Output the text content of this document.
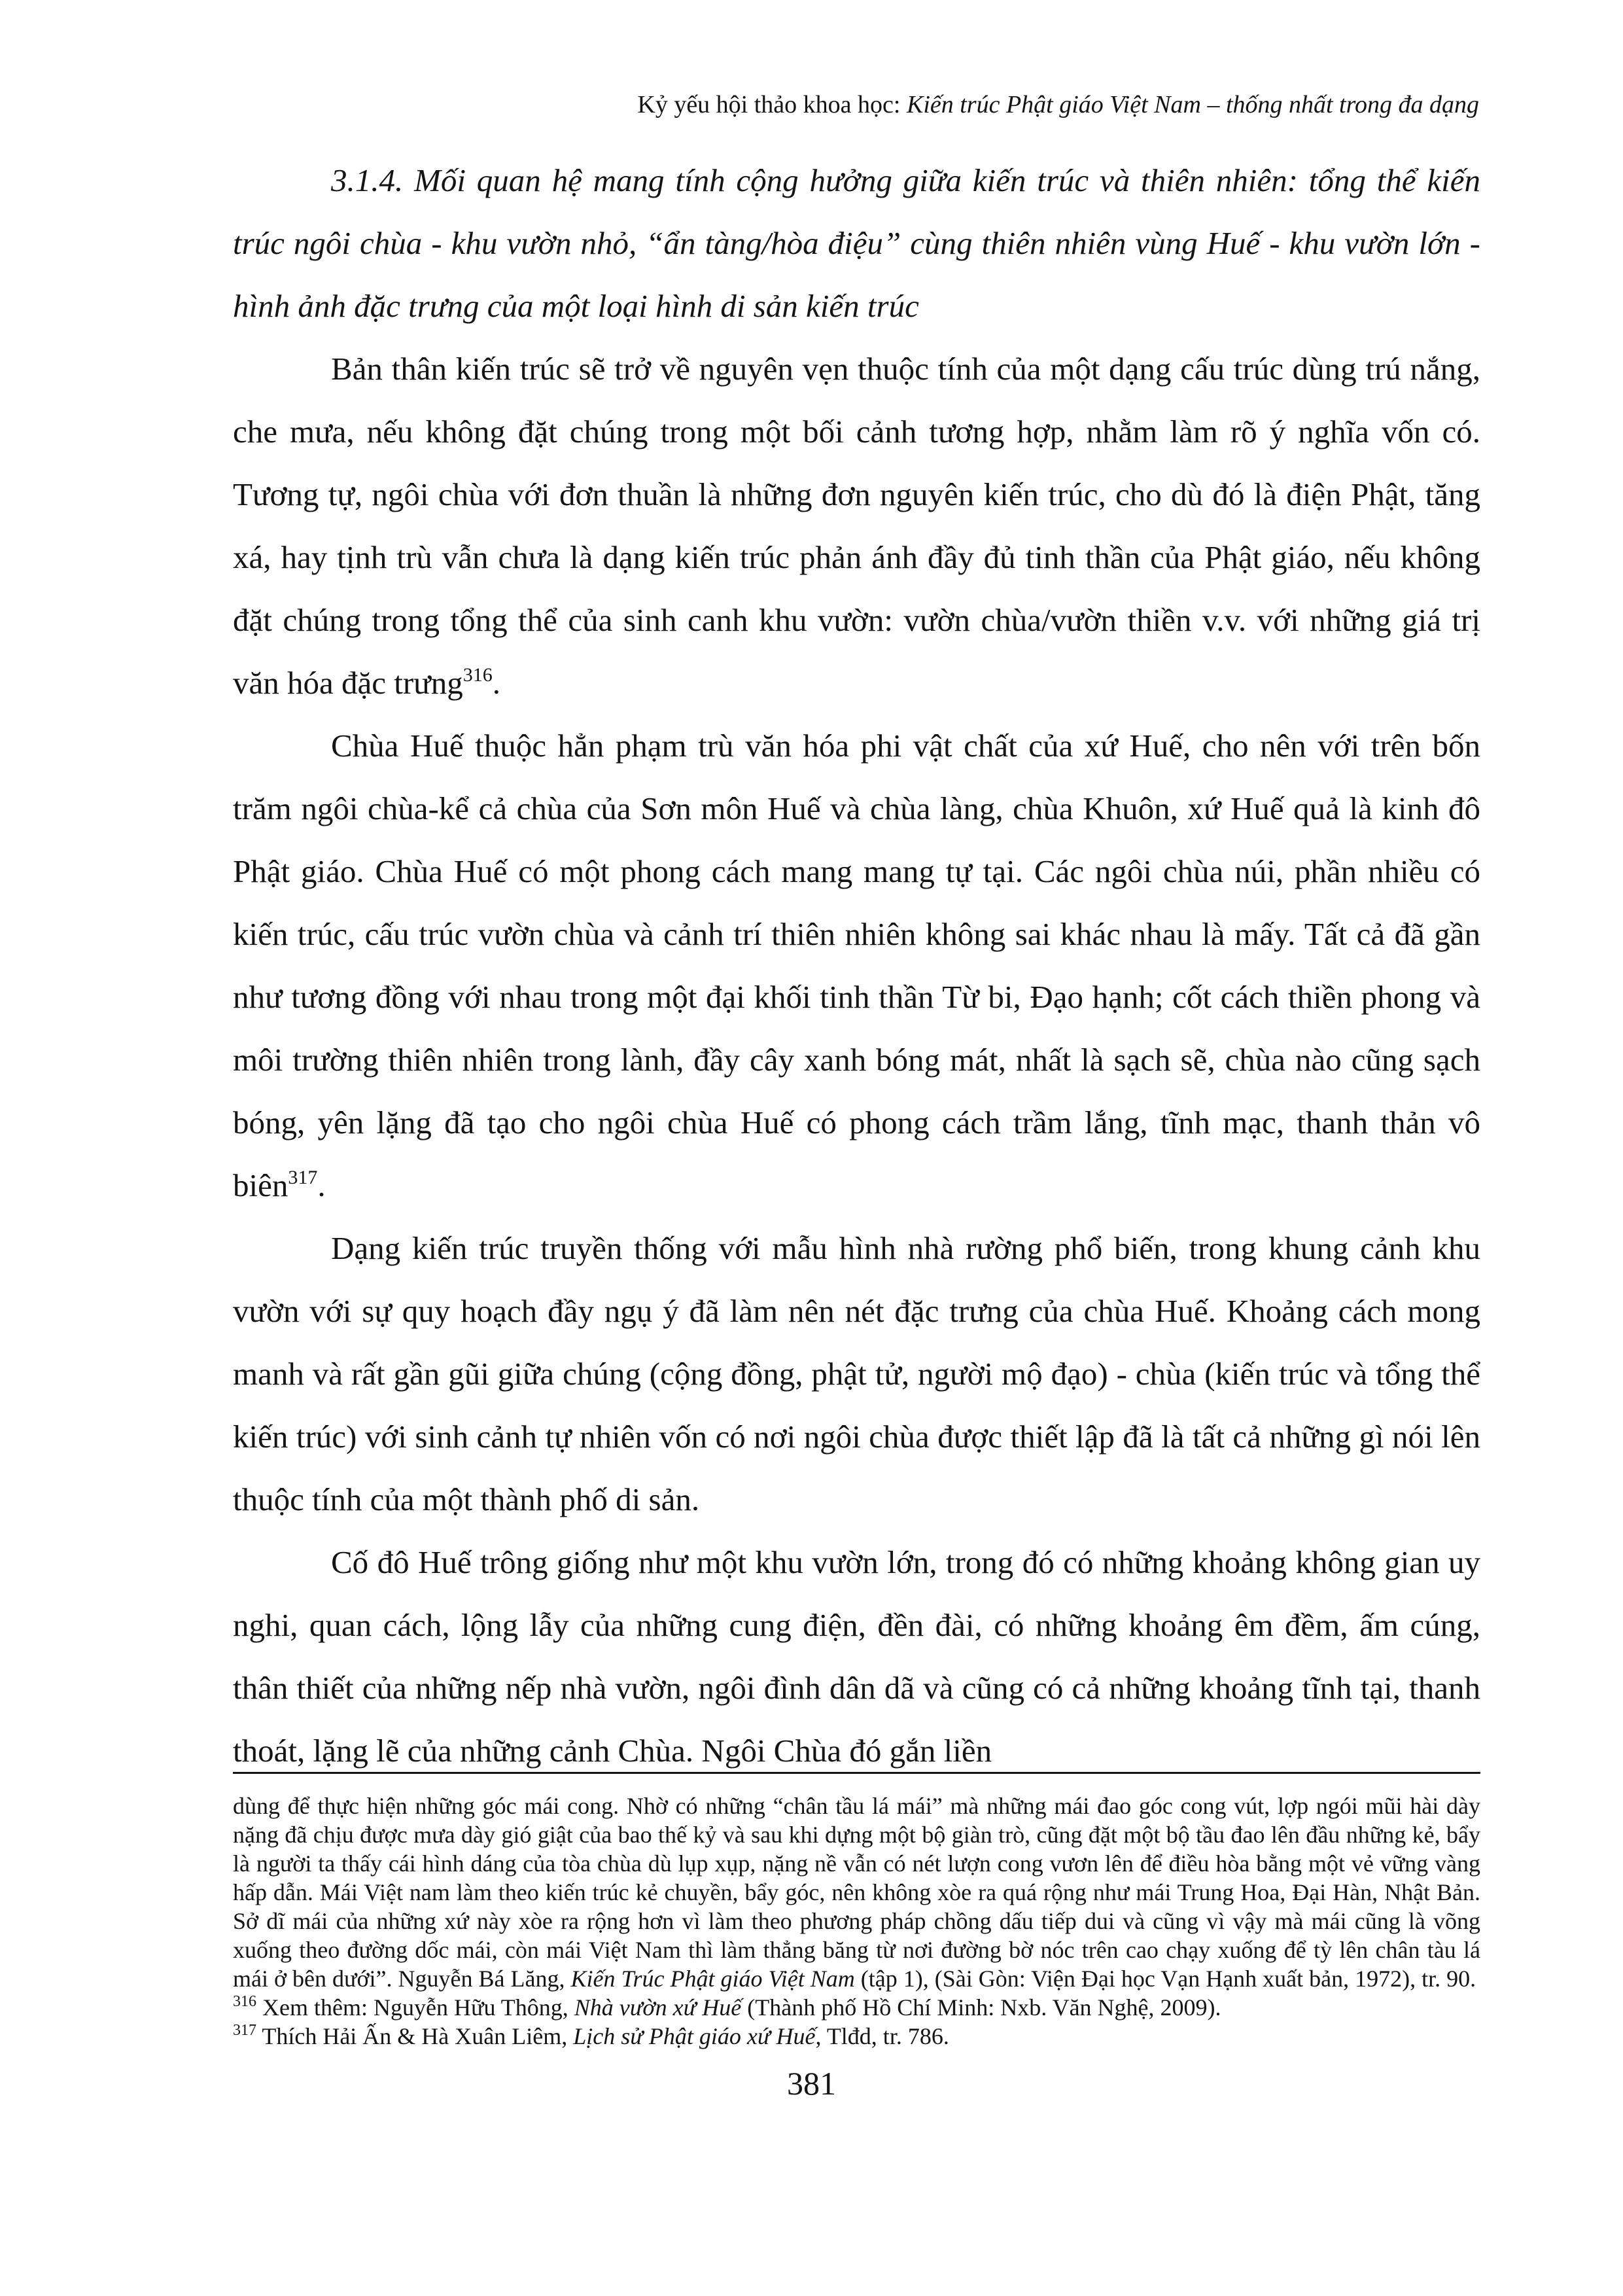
Kỷ yếu hội thảo khoa học: Kiến trúc Phật giáo Việt Nam – thống nhất trong đa dạng

3.1.4. Mối quan hệ mang tính cộng hưởng giữa kiến trúc và thiên nhiên: tổng thể kiến trúc ngôi chùa - khu vườn nhỏ, “ẩn tàng/hòa điệu” cùng thiên nhiên vùng Huế - khu vườn lớn - hình ảnh đặc trưng của một loại hình di sản kiến trúc

Bản thân kiến trúc sẽ trở về nguyên vẹn thuộc tính của một dạng cấu trúc dùng trú nắng, che mưa, nếu không đặt chúng trong một bối cảnh tương hợp, nhằm làm rõ ý nghĩa vốn có. Tương tự, ngôi chùa với đơn thuần là những đơn nguyên kiến trúc, cho dù đó là điện Phật, tăng xá, hay tịnh trù vẫn chưa là dạng kiến trúc phản ánh đầy đủ tinh thần của Phật giáo, nếu không đặt chúng trong tổng thể của sinh canh khu vườn: vườn chùa/vườn thiền v.v. với những giá trị văn hóa đặc trưng$^{316}$.

Chùa Huế thuộc hẳn phạm trù văn hóa phi vật chất của xứ Huế, cho nên với trên bốn trăm ngôi chùa-kể cả chùa của Sơn môn Huế và chùa làng, chùa Khuôn, xứ Huế quả là kinh đô Phật giáo. Chùa Huế có một phong cách mang mang tự tại. Các ngôi chùa núi, phần nhiều có kiến trúc, cấu trúc vườn chùa và cảnh trí thiên nhiên không sai khác nhau là mấy. Tất cả đã gần như tương đồng với nhau trong một đại khối tinh thần Từ bi, Đạo hạnh; cốt cách thiền phong và môi trường thiên nhiên trong lành, đầy cây xanh bóng mát, nhất là sạch sẽ, chùa nào cũng sạch bóng, yên lặng đã tạo cho ngôi chùa Huế có phong cách trầm lắng, tĩnh mạc, thanh thản vô biên$^{317}$.

Dạng kiến trúc truyền thống với mẫu hình nhà rường phổ biến, trong khung cảnh khu vườn với sự quy hoạch đầy ngụ ý đã làm nên nét đặc trưng của chùa Huế. Khoảng cách mong manh và rất gần gũi giữa chúng (cộng đồng, phật tử, người mộ đạo) - chùa (kiến trúc và tổng thể kiến trúc) với sinh cảnh tự nhiên vốn có nơi ngôi chùa được thiết lập đã là tất cả những gì nói lên thuộc tính của một thành phố di sản.

Cố đô Huế trông giống như một khu vườn lớn, trong đó có những khoảng không gian uy nghi, quan cách, lộng lẫy của những cung điện, đền đài, có những khoảng êm đềm, ấm cúng, thân thiết của những nếp nhà vườn, ngôi đình dân dã và cũng có cả những khoảng tĩnh tại, thanh thoát, lặng lẽ của những cảnh Chùa. Ngôi Chùa đó gắn liền

dùng để thực hiện những góc mái cong. Nhờ có những “chân tầu lá mái” mà những mái đao góc cong vút, lợp ngói mũi hài dày nặng đã chịu được mưa dày gió giật của bao thế kỷ và sau khi dựng một bộ giàn trò, cũng đặt một bộ tầu đao lên đầu những kẻ, bẩy là người ta thấy cái hình dáng của tòa chùa dù lụp xụp, nặng nề vẫn có nét lượn cong vươn lên để điều hòa bằng một vẻ vững vàng hấp dẫn. Mái Việt nam làm theo kiến trúc kẻ chuyền, bẩy góc, nên không xòe ra quá rộng như mái Trung Hoa, Đại Hàn, Nhật Bản. Sở dĩ mái của những xứ này xòe ra rộng hơn vì làm theo phương pháp chồng dấu tiếp dui và cũng vì vậy mà mái cũng là võng xuống theo đường dốc mái, còn mái Việt Nam thì làm thẳng băng từ nơi đường bờ nóc trên cao chạy xuống để tỳ lên chân tàu lá mái ở bên dưới”. Nguyễn Bá Lăng, Kiến Trúc Phật giáo Việt Nam (tập 1), (Sài Gòn: Viện Đại học Vạn Hạnh xuất bản, 1972), tr. 90.

$^{316}$ Xem thêm: Nguyễn Hữu Thông, Nhà vườn xứ Huế (Thành phố Hồ Chí Minh: Nxb. Văn Nghệ, 2009).

$^{317}$ Thích Hải Ấn & Hà Xuân Liêm, Lịch sử Phật giáo xứ Huế, Tlđd, tr. 786.

381
